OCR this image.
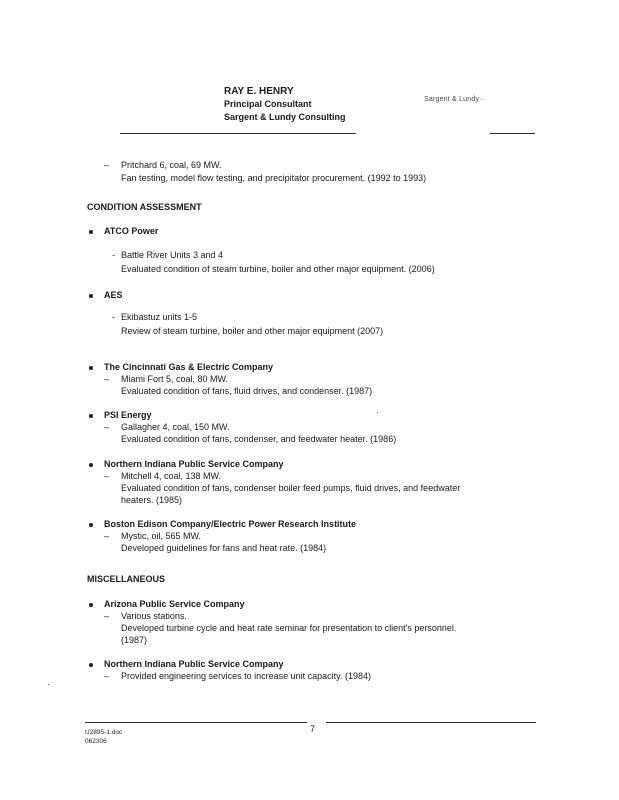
RAY E. HENRY
Principal Consultant
Sargent & Lundy Consulting
Sargent & Lundy··
– Pritchard 6, coal, 69 MW.
Fan testing, model flow testing, and precipitator procurement. (1992 to 1993)
CONDITION ASSESSMENT
ATCO Power
- Battle River Units 3 and 4
Evaluated condition of steam turbine, boiler and other major equipment. (2006)
AES
- Ekibastuz units 1-5
Review of steam turbine, boiler and other major equipment (2007)
The Cincinnati Gas & Electric Company
– Miami Fort 5, coal, 80 MW.
Evaluated condition of fans, fluid drives, and condenser. (1987)
PSI Energy
– Gallagher 4, coal, 150 MW.
Evaluated condition of fans, condenser, and feedwater heater. (1986)
Northern Indiana Public Service Company
– Mitchell 4, coal, 138 MW.
Evaluated condition of fans, condenser boiler feed pumps, fluid drives, and feedwater
heaters. (1985)
Boston Edison Company/Electric Power Research Institute
– Mystic, oil, 565 MW.
Developed guidelines for fans and heat rate. (1984)
MISCELLANEOUS
Arizona Public Service Company
– Various stations.
Developed turbine cycle and heat rate seminar for presentation to client's personnel.
(1987)
Northern Indiana Public Service Company
– Provided engineering services to increase unit capacity. (1984)
U2895-1.doc
062306
7
